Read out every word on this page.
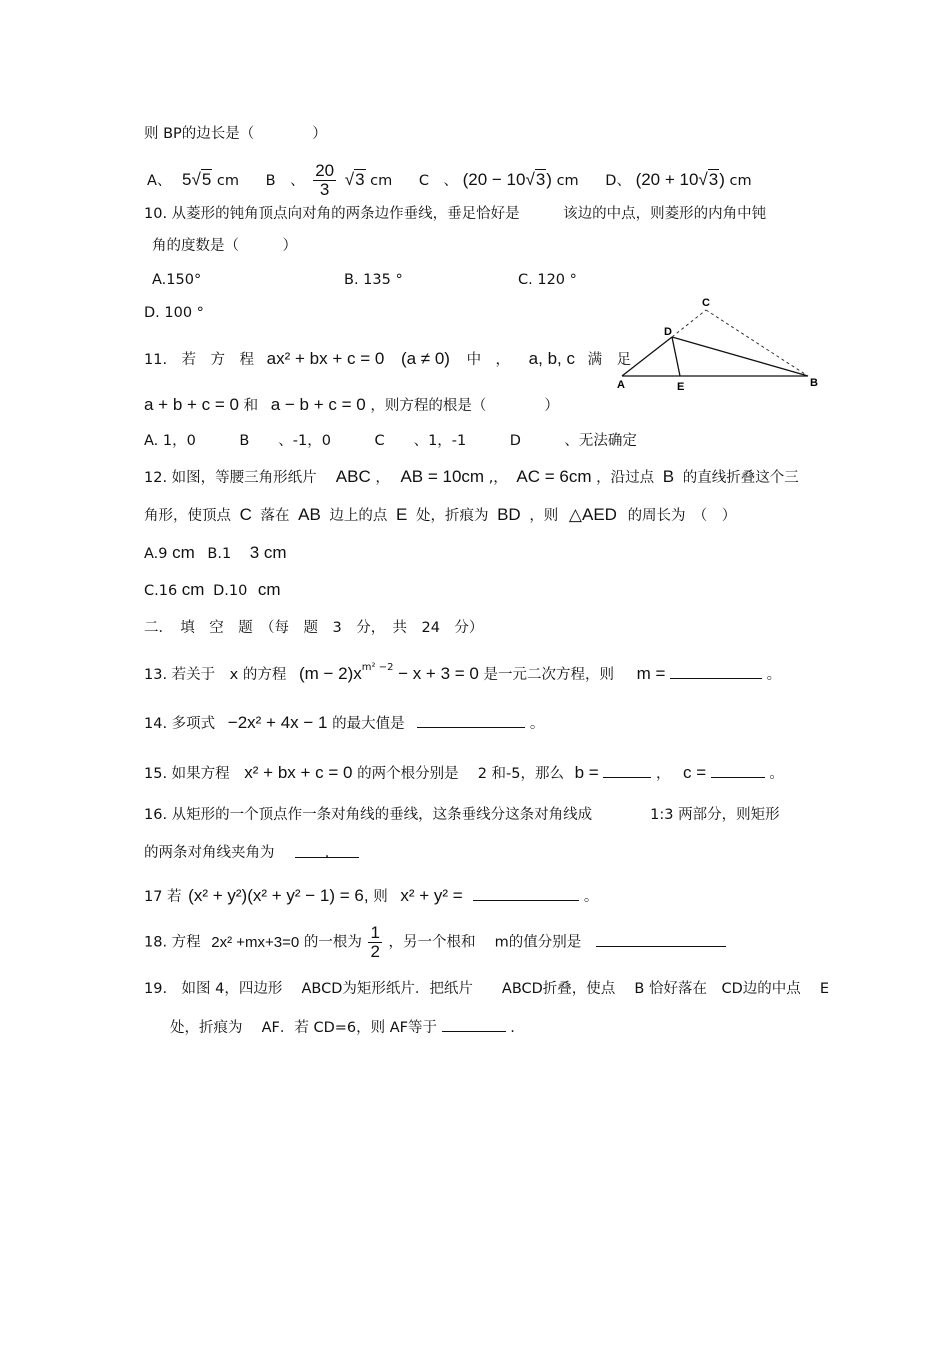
则 BP的边长是（　　　　）
A、 5√5 cm B　、 $\frac{20}{3} √3$ cm C　、 (20 − 10√3) cm D、 (20 + 10√3) cm
10. 从菱形的钝角顶点向对角的两条边作垂线，垂足恰好是　　　该边的中点，则菱形的内角中钝
角的度数是（　　　）
A.150°	B. 135 °	C. 120 °
D. 100 °
A	E	B
D
C
11.　若　方　程 ax² + bx + c = 0 (a ≠ 0) 中　， a, b, c 满　足
a + b + c = 0 和 a − b + c = 0 ，则方程的根是（　　　　）
A. 1，0　　　B　　、-1，0　　　C　　、1，-1　　　D　　　、无法确定
12. 如图，等腰三角形纸片　 ABC ， AB = 10cm ,， AC = 6cm ，沿过点 B 的直线折叠这个三
角形，使顶点 C 落在 AB 边上的点 E 处，折痕为 BD ，则 △AED 的周长为　（　）
A.9 cm B.1 3 cm
C.16 cm D.10 cm
二．　填　空　题　（每　题　3　分，　共　24　分）
13. 若关于　x 的方程 $(m - 2)x^{m^2 -2} - x + 3 = 0$ 是一元二次方程，则 m =	。
14. 多项式 −2x² + 4x − 1 的最大值是	。
15. 如果方程 x² + bx + c = 0 的两个根分别是　 2 和-5，那么 b =	， c =	。
16. 从矩形的一个顶点作一条对角线的垂线，这条垂线分这条对角线成　　　　1:3 两部分，则矩形
的两条对角线夹角为	.
17 若 (x² + y²)(x² + y² − 1) = 6, 则 x² + y² =	。
18. 方程 2x² +mx+3=0 的一根为 $\frac{1}{2}$ ，另一个根和　 m的值分别是
19.　如图 4，四边形　 ABCD为矩形纸片．把纸片　　ABCD折叠，使点　 B 恰好落在　CD边的中点　 E
处，折痕为　 AF．若 CD=6，则 AF等于	.
